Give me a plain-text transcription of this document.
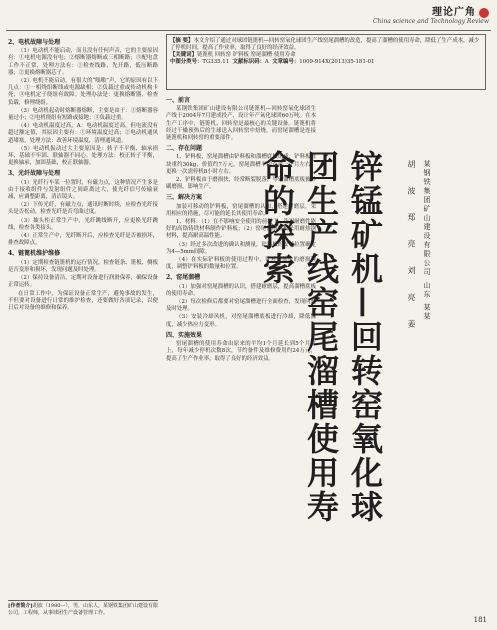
理论广角
China science and Technology Review
【摘 要】本文介绍了通过对球团链篦机—回转窑氧化球团生产线窑尾溜槽的改造，提高了溜槽的使用寿命，降低了生产成本，减少了停机时间，提高了作业率，取得了良好的经济效益。
【关键词】链篦机 回转窑 铲料板 窑尾溜槽 使用寿命
中图分类号：TG335.11 文献标识码：A 文章编号：1009-914X(2013)35-181-01
2、电机故障与处理

（1）电动机不能启动，而且没有任何声音，它的主要原因有：①电机电源没有电；②熔断器熔断或三相断路；③配电盘工作不正常，处理方法有：①检查线路，先开路，低压断路器；②更换熔断器芯子。

（2）电机不能启动，有很大的“嗡嗡”声，它的原因有以下几点：①一相绕组断线或电源缺相；②负载过重或传动机构卡死；③电机定子绕组有故障。处理办法是：更换熔断器，检查负载，修理绕组。

（3）电动机起动时熔断器熔断，主要是由于：①熔断器容量过小；②电机绕组有短路或接地；③负载过重。

（4）电动机温度过高，A：电动机温度过高，但电流没有超过额定值，其原因主要有：①环境温度过高；②电动机通风道堵塞。处理方法：改善环境温度，清理通风道。

（5）电动机振动过大主要原因是：转子不平衡、轴承损坏、基础不牢固、联轴器不同心。处理方法：校正转子平衡，更换轴承，加固基础，校正联轴器。

3、光纤故障与处理

（1）光纤行车某一位置时，有磁力点，这种情况产生多是由于接收组件与发射组件之间距离过大，使光纤信号传输衰减，应调整距离，清洁镜头。

（2）下传光纤，有磁力点，通讯时断时续，应检查光纤接头是否松动，检查光纤是否弯曲过度。

（3）抽头柜正常生产中，光纤跳线断开，应更换光纤跳线，检查各类接头。

（4）正常生产中，光纤断开后，应检查光纤是否被损坏，排查故障点。

4、链篦机维护维修

（1）定期检查链篦机的运行情况，检查链条、篦板、侧板是否变形和损坏，发现问题及时处理。

（2）保持设备清洁，定期对设备进行润滑保养，确保设备正常运转。

在日常工作中，为保证设备正常生产，避免事故的发生，不但要对设备进行日常的维护检查，还要做好各项记录，以便日后对设备的维修和保养。

一、前言

某钢铁集团矿山建设有限公司链篦机—回转窑氧化球团生产线于2004年7月建成投产，设计年产氧化球团60万吨。在本生产工序中，链篦机、回转窑是最核心的关键设备。链篦机将经过干燥预热后的生球送入回转窑中焙烧，而窑尾溜槽是连接链篦机和回转窑的重要部件。

二、存在问题

1、铲料板，窑尾溜槽由铲料板和溜槽底板组成，铲料板每块重约30kg，价值约7万元，窑尾溜槽平均寿命一个月左右，更换一次需停机8小时左右。

2、铲料板由于磨损快，经常断裂脱落，导致溜槽底板被冲刷磨损，影响生产。

三、解决方案

加装可移动的铲料板，窑尾溜槽的认知，搭建耐磨层，采用相应的措施，尽可能的延长其使用寿命。

1、材料：（1）在不影响安全使用的前提下，选用耐磨性能好的高铬铸铁材料制作铲料板；（2）窑尾溜槽底板采用耐热钢材料，提高耐高温性能。

（3）经过多次改进的确认和测量，铲料板的安装位置确定为4—5mm间隙。

（4）在实际铲料板的使用过程中，针对各部位的磨损程度，调整铲料板的数量和位置。

2、窑尾溜槽

（1）加强对窑尾溜槽的认识，搭建耐磨层，提高溜槽底板的使用寿命。

（2）每次检修后都要对窑尾溜槽进行全面检查，发现问题及时处理。

（3）安装冷却风机，对窑尾溜槽底板进行冷却，降低温度，减少热应力变形。

四、实施效果

窑尾溜槽的使用寿命由原来的平均1个月延长到5个月以上，每年减少停机次数8次，节约备件及维修费用约24万元，提高了生产作业率，取得了良好的经济效益。	锌锰矿机—回转窑氧化球团生产线窑尾溜槽使用寿命的探索	胡 波 郑 亮 刘 亮 姜	某钢铁集团矿山建设有限公司 山东 某某
[作者简介]胡波（1980—），男，山东人，某钢铁集团矿山建设有限公司，工程师，从事球团生产设备管理工作。
181
